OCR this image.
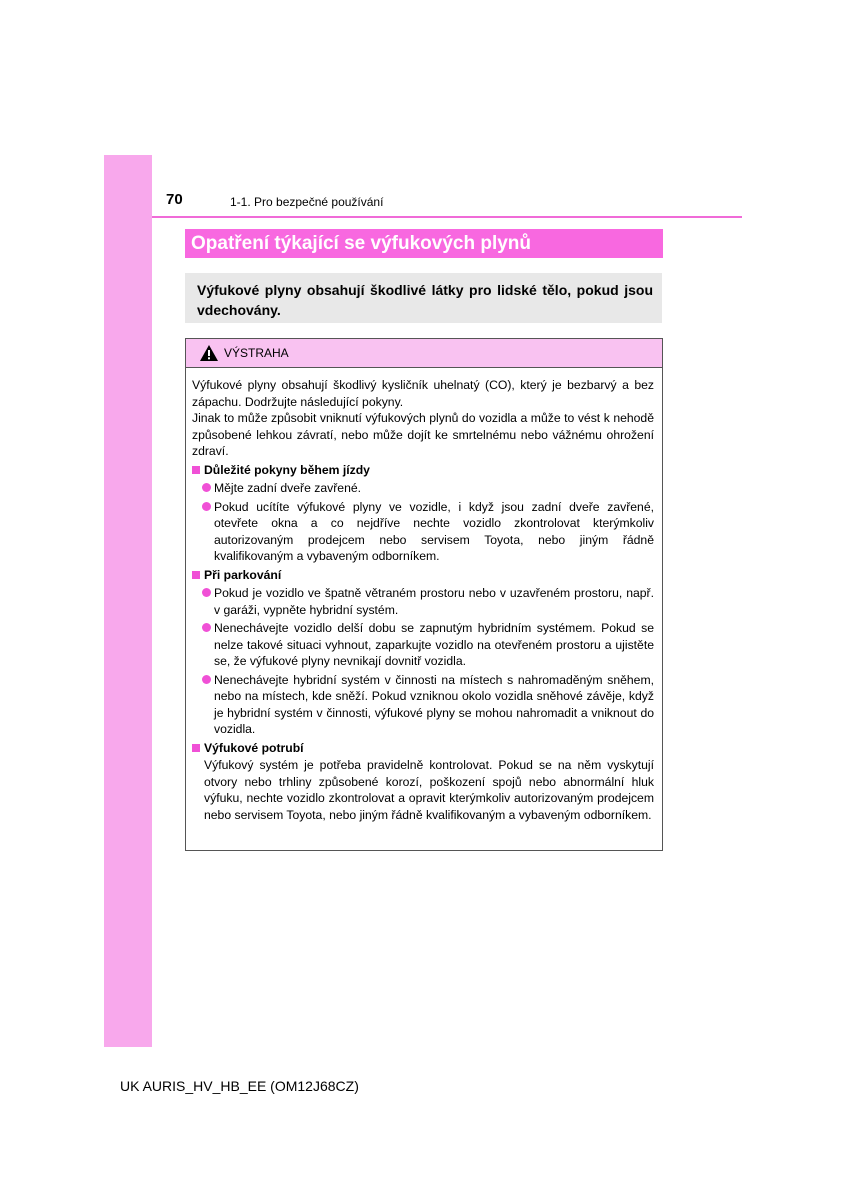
70	1-1. Pro bezpečné používání
Opatření týkající se výfukových plynů
Výfukové plyny obsahují škodlivé látky pro lidské tělo, pokud jsou vdechovány.
VÝSTRAHA

Výfukové plyny obsahují škodlivý kysličník uhelnatý (CO), který je bezbarvý a bez zápachu. Dodržujte následující pokyny.

Jinak to může způsobit vniknutí výfukových plynů do vozidla a může to vést k nehodě způsobené lehkou závratí, nebo může dojít ke smrtelnému nebo vážnému ohrožení zdraví.

Důležité pokyny během jízdy
Mějte zadní dveře zavřené.
Pokud ucítíte výfukové plyny ve vozidle, i když jsou zadní dveře zavřené, otevřete okna a co nejdříve nechte vozidlo zkontrolovat kterýmkoliv autorizovaným prodejcem nebo servisem Toyota, nebo jiným řádně kvalifikovaným a vybaveným odborníkem.
Při parkování
Pokud je vozidlo ve špatně větraném prostoru nebo v uzavřeném prostoru, např. v garáži, vypněte hybridní systém.
Nenechávejte vozidlo delší dobu se zapnutým hybridním systémem. Pokud se nelze takové situaci vyhnout, zaparkujte vozidlo na otevřeném prostoru a ujistěte se, že výfukové plyny nevnikají dovnitř vozidla.
Nenechávejte hybridní systém v činnosti na místech s nahromaděným sněhem, nebo na místech, kde sněží. Pokud vzniknou okolo vozidla sněhové závěje, když je hybridní systém v činnosti, výfukové plyny se mohou nahromadit a vniknout do vozidla.
Výfukové potrubí

Výfukový systém je potřeba pravidelně kontrolovat. Pokud se na něm vyskytují otvory nebo trhliny způsobené korozí, poškození spojů nebo abnormální hluk výfuku, nechte vozidlo zkontrolovat a opravit kterýmkoliv autorizovaným prodejcem nebo servisem Toyota, nebo jiným řádně kvalifikovaným a vybaveným odborníkem.

UK AURIS_HV_HB_EE (OM12J68CZ)
